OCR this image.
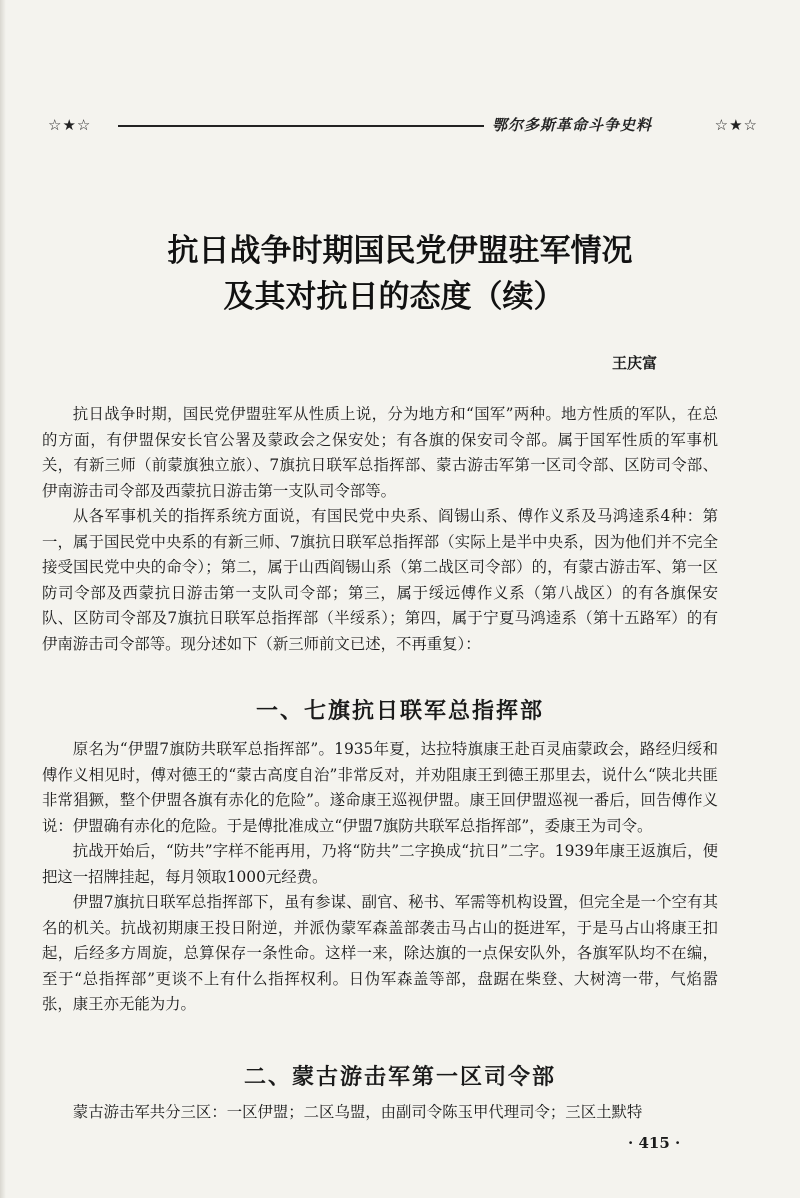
☆★☆	鄂尔多斯革命斗争史料	☆★☆
抗日战争时期国民党伊盟驻军情况
及其对抗日的态度（续）
王庆富

抗日战争时期，国民党伊盟驻军从性质上说，分为地方和“国军”两种。地方性质的军队，在总的方面，有伊盟保安长官公署及蒙政会之保安处；有各旗的保安司令部。属于国军性质的军事机关，有新三师（前蒙旗独立旅）、7旗抗日联军总指挥部、蒙古游击军第一区司令部、区防司令部、伊南游击司令部及西蒙抗日游击第一支队司令部等。

从各军事机关的指挥系统方面说，有国民党中央系、阎锡山系、傅作义系及马鸿逵系4种：第一，属于国民党中央系的有新三师、7旗抗日联军总指挥部（实际上是半中央系，因为他们并不完全接受国民党中央的命令）；第二，属于山西阎锡山系（第二战区司令部）的，有蒙古游击军、第一区防司令部及西蒙抗日游击第一支队司令部；第三，属于绥远傅作义系（第八战区）的有各旗保安队、区防司令部及7旗抗日联军总指挥部（半绥系）；第四，属于宁夏马鸿逵系（第十五路军）的有伊南游击司令部等。现分述如下（新三师前文已述，不再重复）：

一、七旗抗日联军总指挥部

原名为“伊盟7旗防共联军总指挥部”。1935年夏，达拉特旗康王赴百灵庙蒙政会，路经归绥和傅作义相见时，傅对德王的“蒙古高度自治”非常反对，并劝阻康王到德王那里去，说什么“陕北共匪非常猖獗，整个伊盟各旗有赤化的危险”。遂命康王巡视伊盟。康王回伊盟巡视一番后，回告傅作义说：伊盟确有赤化的危险。于是傅批准成立“伊盟7旗防共联军总指挥部”，委康王为司令。

抗战开始后，“防共”字样不能再用，乃将“防共”二字换成“抗日”二字。1939年康王返旗后，便把这一招牌挂起，每月领取1000元经费。

伊盟7旗抗日联军总指挥部下，虽有参谋、副官、秘书、军需等机构设置，但完全是一个空有其名的机关。抗战初期康王投日附逆，并派伪蒙军森盖部袭击马占山的挺进军，于是马占山将康王扣起，后经多方周旋，总算保存一条性命。这样一来，除达旗的一点保安队外，各旗军队均不在编，至于“总指挥部”更谈不上有什么指挥权利。日伪军森盖等部，盘踞在柴登、大树湾一带，气焰嚣张，康王亦无能为力。

二、蒙古游击军第一区司令部

蒙古游击军共分三区：一区伊盟；二区乌盟，由副司令陈玉甲代理司令；三区土默特

· 415 ·
